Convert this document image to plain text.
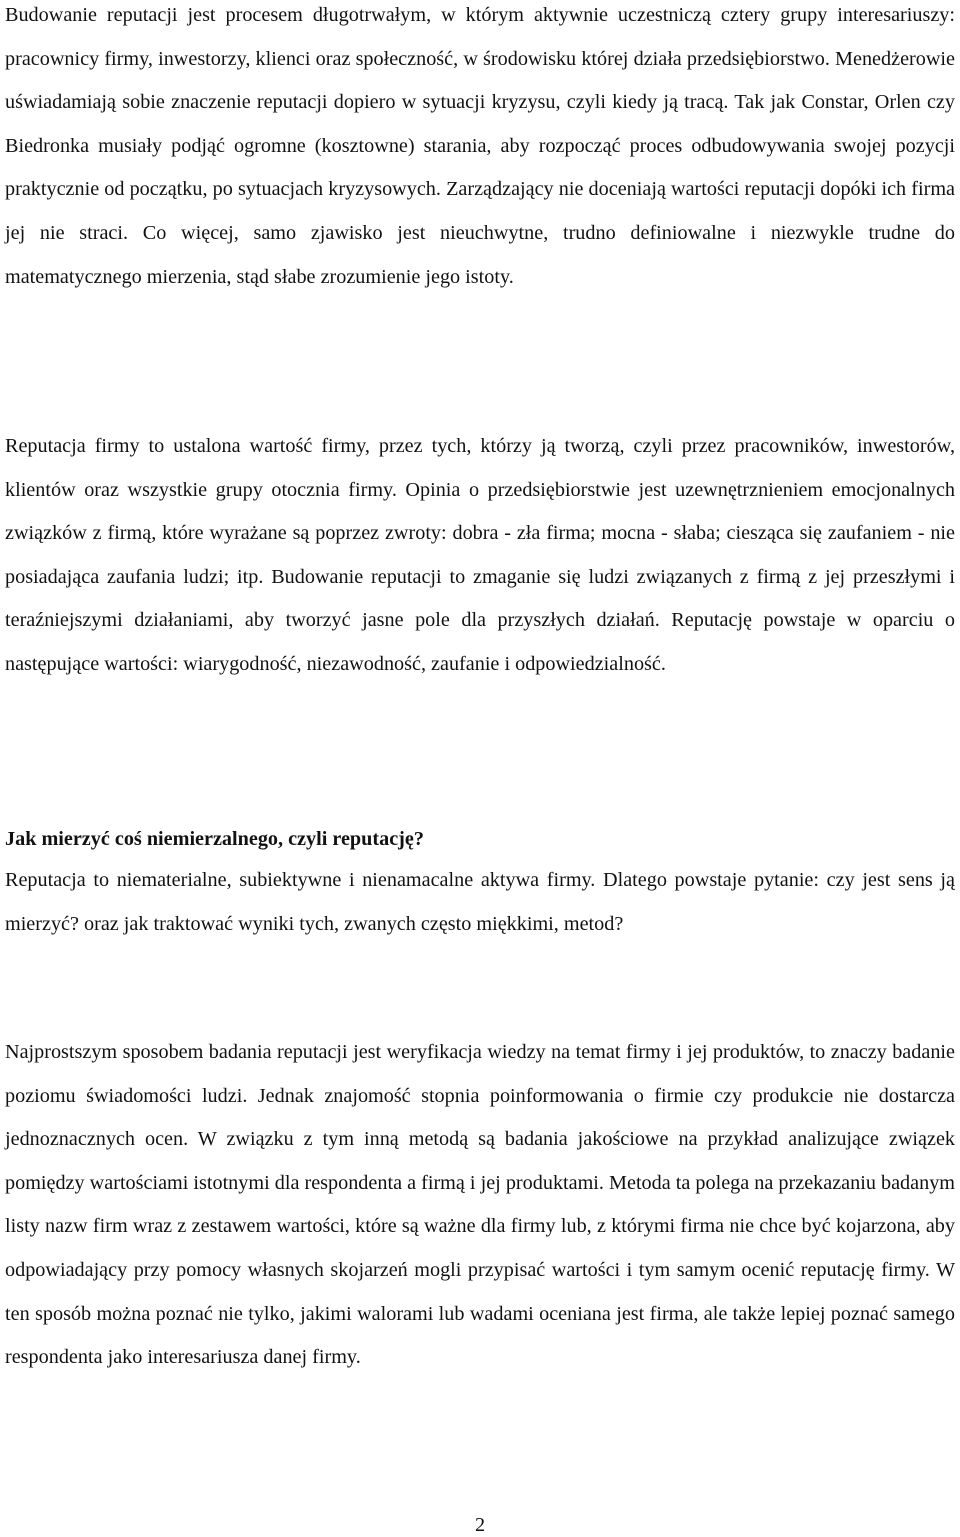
Budowanie reputacji jest procesem długotrwałym, w którym aktywnie uczestniczą cztery grupy interesariuszy: pracownicy firmy, inwestorzy, klienci oraz społeczność, w środowisku której działa przedsiębiorstwo. Menedżerowie uświadamiają sobie znaczenie reputacji dopiero w sytuacji kryzysu, czyli kiedy ją tracą. Tak jak Constar, Orlen czy Biedronka musiały podjąć ogromne (kosztowne) starania, aby rozpocząć proces odbudowywania swojej pozycji praktycznie od początku, po sytuacjach kryzysowych. Zarządzający nie doceniają wartości reputacji dopóki ich firma jej nie straci. Co więcej, samo zjawisko jest nieuchwytne, trudno definiowalne i niezwykle trudne do matematycznego mierzenia, stąd słabe zrozumienie jego istoty.

Reputacja firmy to ustalona wartość firmy, przez tych, którzy ją tworzą, czyli przez pracowników, inwestorów, klientów oraz wszystkie grupy otocznia firmy. Opinia o przedsiębiorstwie jest uzewnętrznieniem emocjonalnych związków z firmą, które wyrażane są poprzez zwroty: dobra - zła firma; mocna - słaba; ciesząca się zaufaniem - nie posiadająca zaufania ludzi; itp. Budowanie reputacji to zmaganie się ludzi związanych z firmą z jej przeszłymi i teraźniejszymi działaniami, aby tworzyć jasne pole dla przyszłych działań. Reputację powstaje w oparciu o następujące wartości: wiarygodność, niezawodność, zaufanie i odpowiedzialność.

Jak mierzyć coś niemierzalnego, czyli reputację?

Reputacja to niematerialne, subiektywne i nienamacalne aktywa firmy. Dlatego powstaje pytanie: czy jest sens ją mierzyć? oraz jak traktować wyniki tych, zwanych często miękkimi, metod?

Najprostszym sposobem badania reputacji jest weryfikacja wiedzy na temat firmy i jej produktów, to znaczy badanie poziomu świadomości ludzi. Jednak znajomość stopnia poinformowania o firmie czy produkcie nie dostarcza jednoznacznych ocen. W związku z tym inną metodą są badania jakościowe na przykład analizujące związek pomiędzy wartościami istotnymi dla respondenta a firmą i jej produktami. Metoda ta polega na przekazaniu badanym listy nazw firm wraz z zestawem wartości, które są ważne dla firmy lub, z którymi firma nie chce być kojarzona, aby odpowiadający przy pomocy własnych skojarzeń mogli przypisać wartości i tym samym ocenić reputację firmy. W ten sposób można poznać nie tylko, jakimi walorami lub wadami oceniana jest firma, ale także lepiej poznać samego respondenta jako interesariusza danej firmy.

2
